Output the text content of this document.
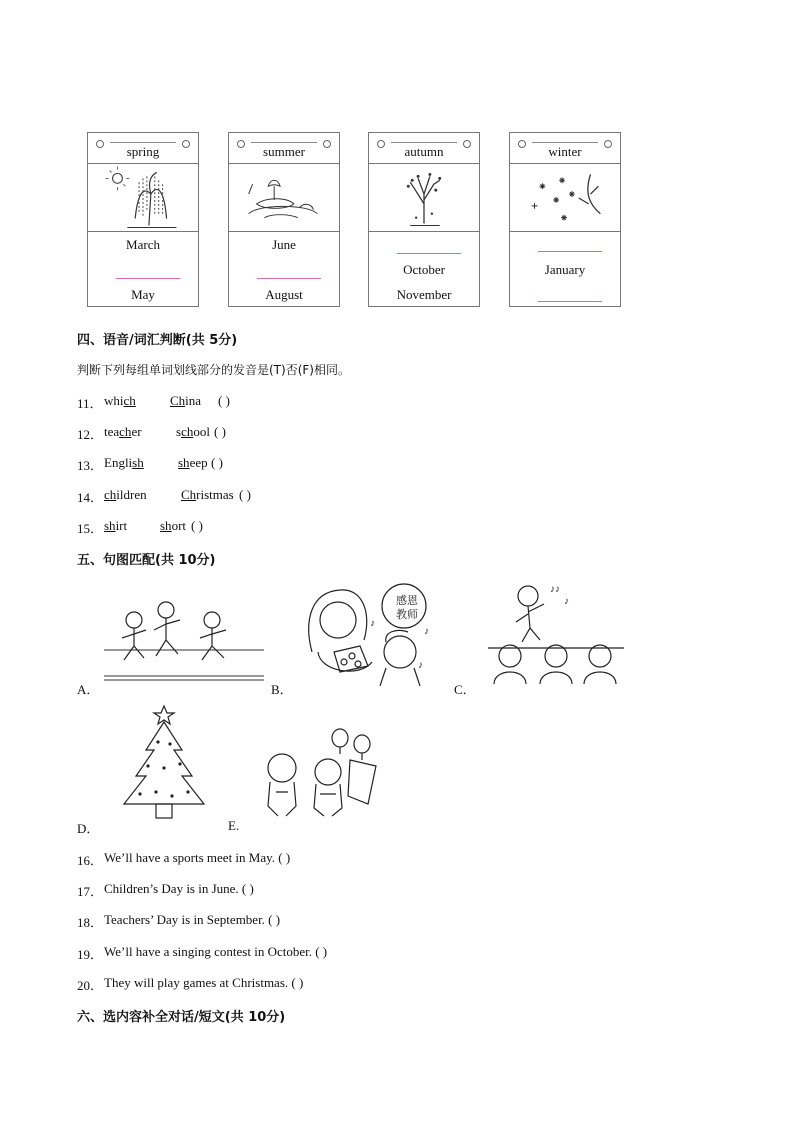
spring
March
May
summer
June
August
autumn
October
November
winter
January
四、语音/词汇判断(共 5分)
判断下列每组单词划线部分的发音是(T)否(F)相同。
11． which	China ( )
12． teacher	school ( )
13． English	sheep ( )
14． children	Christmas ( )
15． shirt	short ( )
五、句图匹配(共 10分)
A．
感恩
教师
♪
♪
♪
B．
♪♪
♪
C．
D．	E.
16． We’ll have a sports meet in May. ( )
17． Children’s Day is in June. ( )
18． Teachers’ Day is in September. ( )
19． We’ll have a singing contest in October. ( )
20． They will play games at Christmas. ( )
六、选内容补全对话/短文(共 10分)
